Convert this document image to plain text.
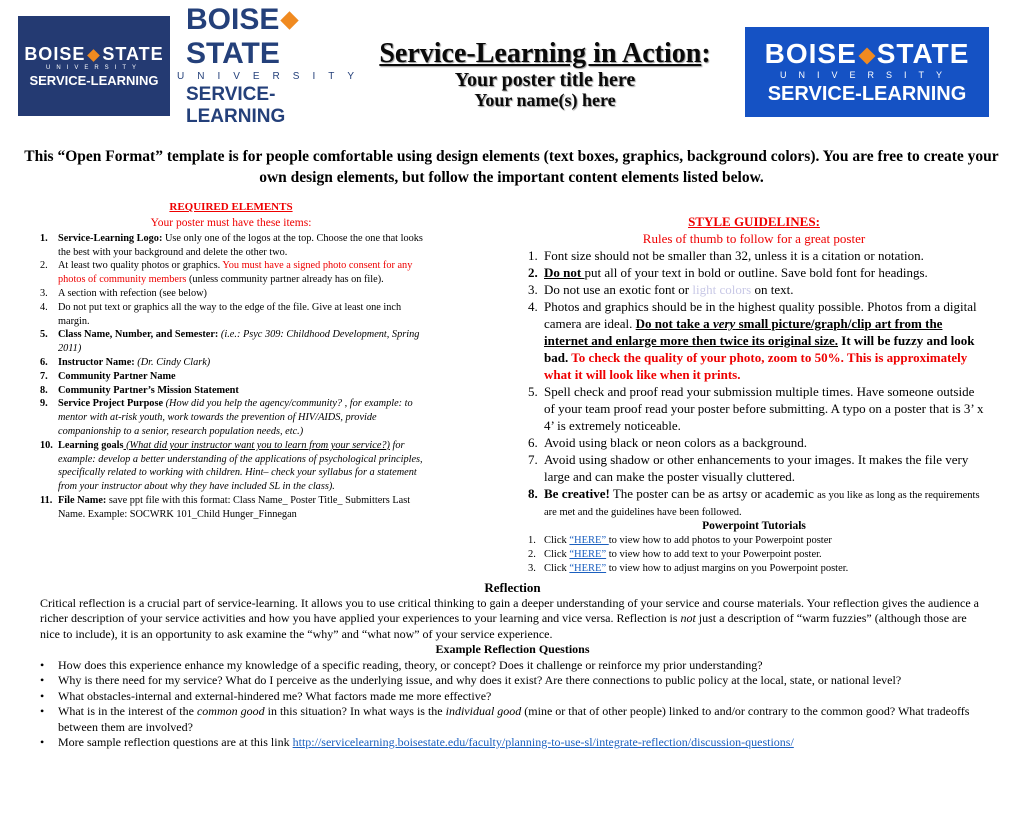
BOISE STATE
UNIVERSITY
SERVICE-LEARNING
BOISESTATE
UNIVERSITY
SERVICE-LEARNING
Service-Learning in Action:
Your poster title here
Your name(s) here
BOISE STATE
UNIVERSITY
SERVICE-LEARNING
This “Open Format” template is for people comfortable using design elements (text boxes, graphics, background colors). You are free to create your own design elements, but follow the important content elements listed below.
REQUIRED ELEMENTS
Your poster must have these items:
1. Service-Learning Logo: Use only one of the logos at the top. Choose the one that looks the best with your background and delete the other two.
2. At least two quality photos or graphics. You must have a signed photo consent for any photos of community members (unless community partner already has on file).
3. A section with refection (see below)
4. Do not put text or graphics all the way to the edge of the file. Give at least one inch margin.
5. Class Name, Number, and Semester: (i.e.: Psyc 309: Childhood Development, Spring 2011)
6. Instructor Name: (Dr. Cindy Clark)
7. Community Partner Name
8. Community Partner’s Mission Statement
9. Service Project Purpose (How did you help the agency/community? , for example: to mentor with at-risk youth, work towards the prevention of HIV/AIDS, provide companionship to a senior, research population needs, etc.)
10. Learning goals (What did your instructor want you to learn from your service?) for example: develop a better understanding of the applications of psychological principles, specifically related to working with children. Hint– check your syllabus for a statement from your instructor about why they have included SL in the class).
11. File Name: save ppt file with this format: Class Name_ Poster Title_ Submitters Last Name. Example: SOCWRK 101_Child Hunger_Finnegan
STYLE GUIDELINES:
Rules of thumb to follow for a great poster
1. Font size should not be smaller than 32, unless it is a citation or notation.
2. Do not put all of your text in bold or outline. Save bold font for headings.
3. Do not use an exotic font or light colors on text.
4. Photos and graphics should be in the highest quality possible. Photos from a digital camera are ideal. Do not take a very small picture/graph/clip art from the internet and enlarge more then twice its original size. It will be fuzzy and look bad. To check the quality of your photo, zoom to 50%. This is approximately what it will look like when it prints.
5. Spell check and proof read your submission multiple times. Have someone outside of your team proof read your poster before submitting. A typo on a poster that is 3’ x 4’ is extremely noticeable.
6. Avoid using black or neon colors as a background.
7. Avoid using shadow or other enhancements to your images. It makes the file very large and can make the poster visually cluttered.
8. Be creative! The poster can be as artsy or academic as you like as long as the requirements are met and the guidelines have been followed.
Powerpoint Tutorials
1. Click “HERE” to view how to add photos to your Powerpoint poster
2. Click “HERE” to view how to add text to your Powerpoint poster.
3. Click “HERE” to view how to adjust margins on you Powerpoint poster.
Reflection
Critical reflection is a crucial part of service-learning. It allows you to use critical thinking to gain a deeper understanding of your service and course materials. Your reflection gives the audience a richer description of your service activities and how you have applied your experiences to your learning and vice versa. Reflection is not just a description of “warm fuzzies” (although those are nice to include), it is an opportunity to ask examine the “why” and “what now” of your service experience.
Example Reflection Questions
• How does this experience enhance my knowledge of a specific reading, theory, or concept? Does it challenge or reinforce my prior understanding?
• Why is there need for my service? What do I perceive as the underlying issue, and why does it exist? Are there connections to public policy at the local, state, or national level?
• What obstacles-internal and external-hindered me? What factors made me more effective?
• What is in the interest of the common good in this situation? In what ways is the individual good (mine or that of other people) linked to and/or contrary to the common good? What tradeoffs between them are involved?
• More sample reflection questions are at this link http://servicelearning.boisestate.edu/faculty/planning-to-use-sl/integrate-reflection/discussion-questions/
